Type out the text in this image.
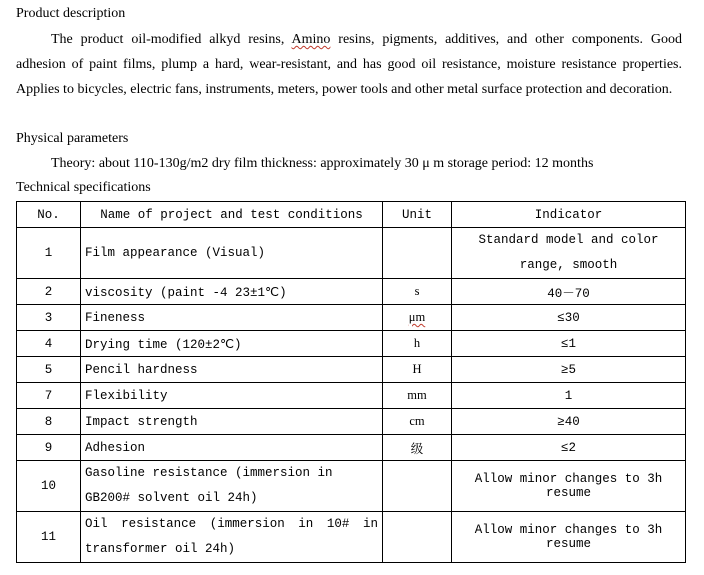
Product description

The product oil-modified alkyd resins, Amino resins, pigments, additives, and other components. Good adhesion of paint films, plump a hard, wear-resistant, and has good oil resistance, moisture resistance properties. Applies to bicycles, electric fans, instruments, meters, power tools and other metal surface protection and decoration.

Physical parameters

Theory: about 110-130g/m2 dry film thickness: approximately 30 μ m storage period: 12 months

Technical specifications
No.	Name of project and test conditions	Unit	Indicator
1	Film appearance (Visual)		Standard model and color range, smooth
2	viscosity (paint -4 23±1℃)	s	40－70
3	Fineness	μm	≤30
4	Drying time (120±2℃)	h	≤1
5	Pencil hardness	H	≥5
7	Flexibility	mm	1
8	Impact strength	cm	≥40
9	Adhesion	级	≤2
10	Gasoline resistance (immersion in GB200# solvent oil 24h)		Allow minor changes to 3h resume
11	Oil resistance (immersion in 10# in transformer oil 24h)		Allow minor changes to 3h resume
